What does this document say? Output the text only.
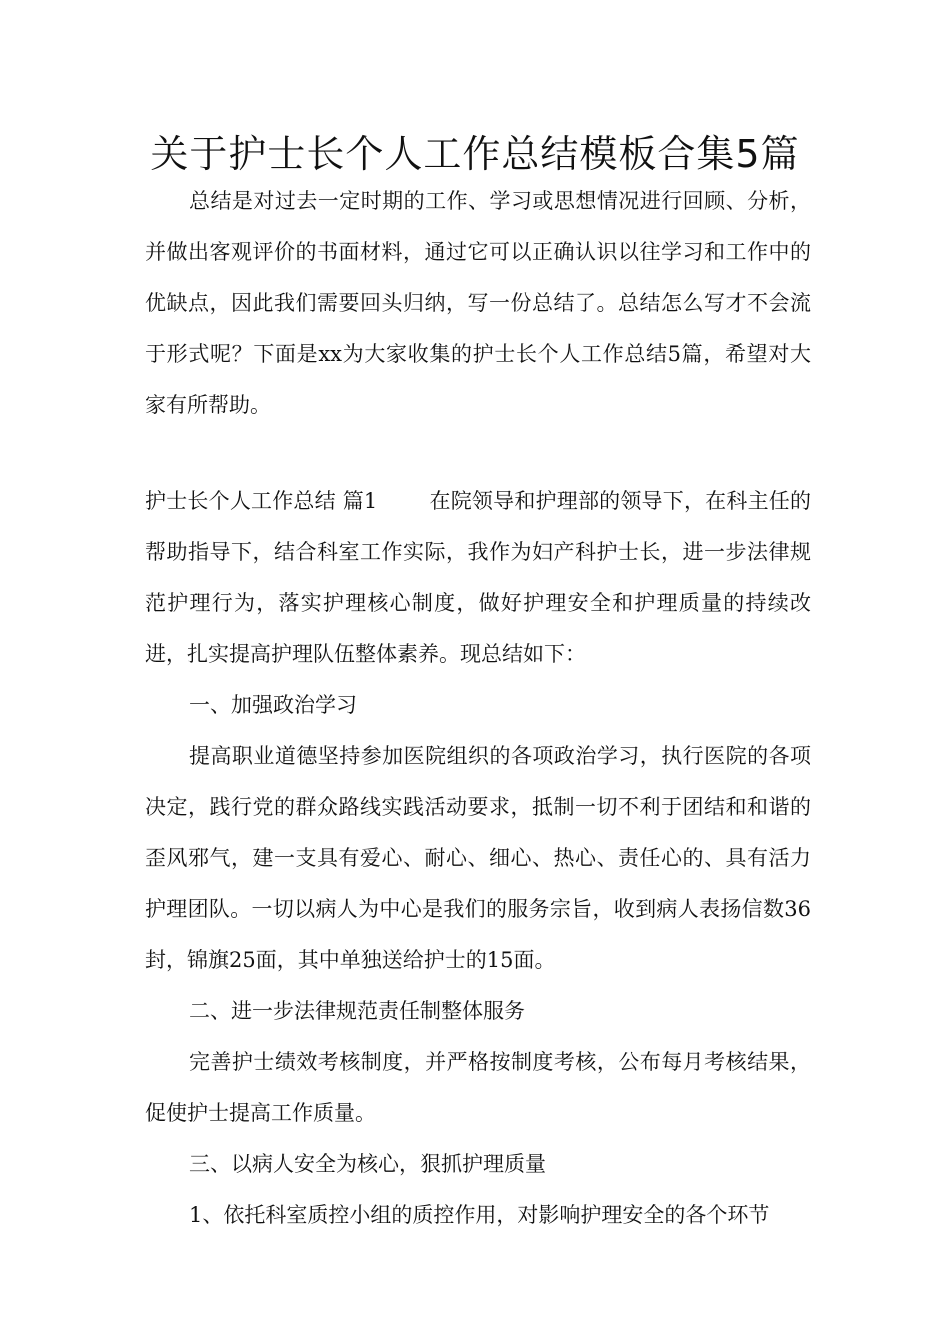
关于护士长个人工作总结模板合集5篇

总结是对过去一定时期的工作、学习或思想情况进行回顾、分析，并做出客观评价的书面材料，通过它可以正确认识以往学习和工作中的优缺点，因此我们需要回头归纳，写一份总结了。总结怎么写才不会流于形式呢？下面是xx为大家收集的护士长个人工作总结5篇，希望对大家有所帮助。

护士长个人工作总结 篇1 在院领导和护理部的领导下，在科主任的帮助指导下，结合科室工作实际，我作为妇产科护士长，进一步法律规范护理行为，落实护理核心制度，做好护理安全和护理质量的持续改进，扎实提高护理队伍整体素养。现总结如下：

一、加强政治学习

提高职业道德坚持参加医院组织的各项政治学习，执行医院的各项决定，践行党的群众路线实践活动要求，抵制一切不利于团结和和谐的歪风邪气，建一支具有爱心、耐心、细心、热心、责任心的、具有活力护理团队。一切以病人为中心是我们的服务宗旨，收到病人表扬信数36封，锦旗25面，其中单独送给护士的15面。

二、进一步法律规范责任制整体服务

完善护士绩效考核制度，并严格按制度考核，公布每月考核结果，促使护士提高工作质量。

三、以病人安全为核心，狠抓护理质量

1、依托科室质控小组的质控作用，对影响护理安全的各个环节
